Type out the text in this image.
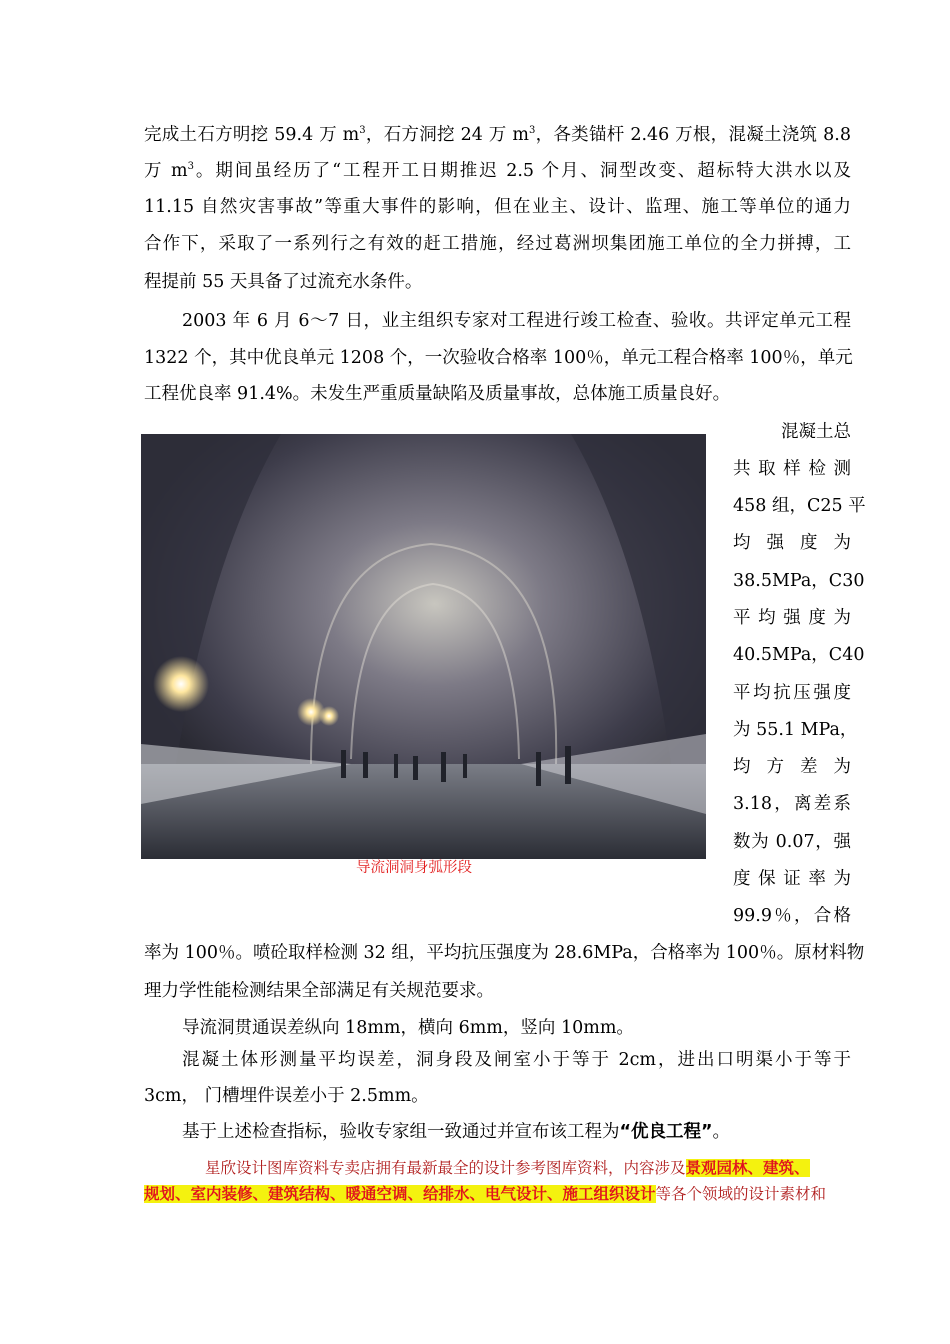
完成土石方明挖 59.4 万 $m^3$，石方洞挖 24 万 $m^3$，各类锚杆 2.46 万根，混凝土浇筑 8.8
万 $m^3$。期间虽经历了“工程开工日期推迟 2.5 个月、洞型改变、超标特大洪水以及
11.15 自然灾害事故”等重大事件的影响，但在业主、设计、监理、施工等单位的通力
合作下，采取了一系列行之有效的赶工措施，经过葛洲坝集团施工单位的全力拼搏，工
程提前 55 天具备了过流充水条件。
2003 年 6 月 6～7 日，业主组织专家对工程进行竣工检查、验收。共评定单元工程
1322 个，其中优良单元 1208 个，一次验收合格率 100％，单元工程合格率 100％，单元
工程优良率 91.4%。未发生严重质量缺陷及质量事故，总体施工质量良好。
导流洞洞身弧形段
混凝土总
共取样检测
458 组，C25 平
均强度为
38.5MPa，C30
平均强度为
40.5MPa，C40
平均抗压强度
为 55.1 MPa，
均方差为
3.18，离差系
数为 0.07，强
度保证率为
99.9％，合格
率为 100％。喷砼取样检测 32 组，平均抗压强度为 28.6MPa，合格率为 100％。原材料物
理力学性能检测结果全部满足有关规范要求。
导流洞贯通误差纵向 18mm，横向 6mm，竖向 10mm。
混凝土体形测量平均误差，洞身段及闸室小于等于 2cm，进出口明渠小于等于
3cm， 门槽埋件误差小于 2.5mm。
基于上述检查指标，验收专家组一致通过并宣布该工程为“优良工程”。
星欣设计图库资料专卖店拥有最新最全的设计参考图库资料，内容涉及景观园林、建筑、
规划、室内装修、建筑结构、暖通空调、给排水、电气设计、施工组织设计等各个领域的设计素材和
